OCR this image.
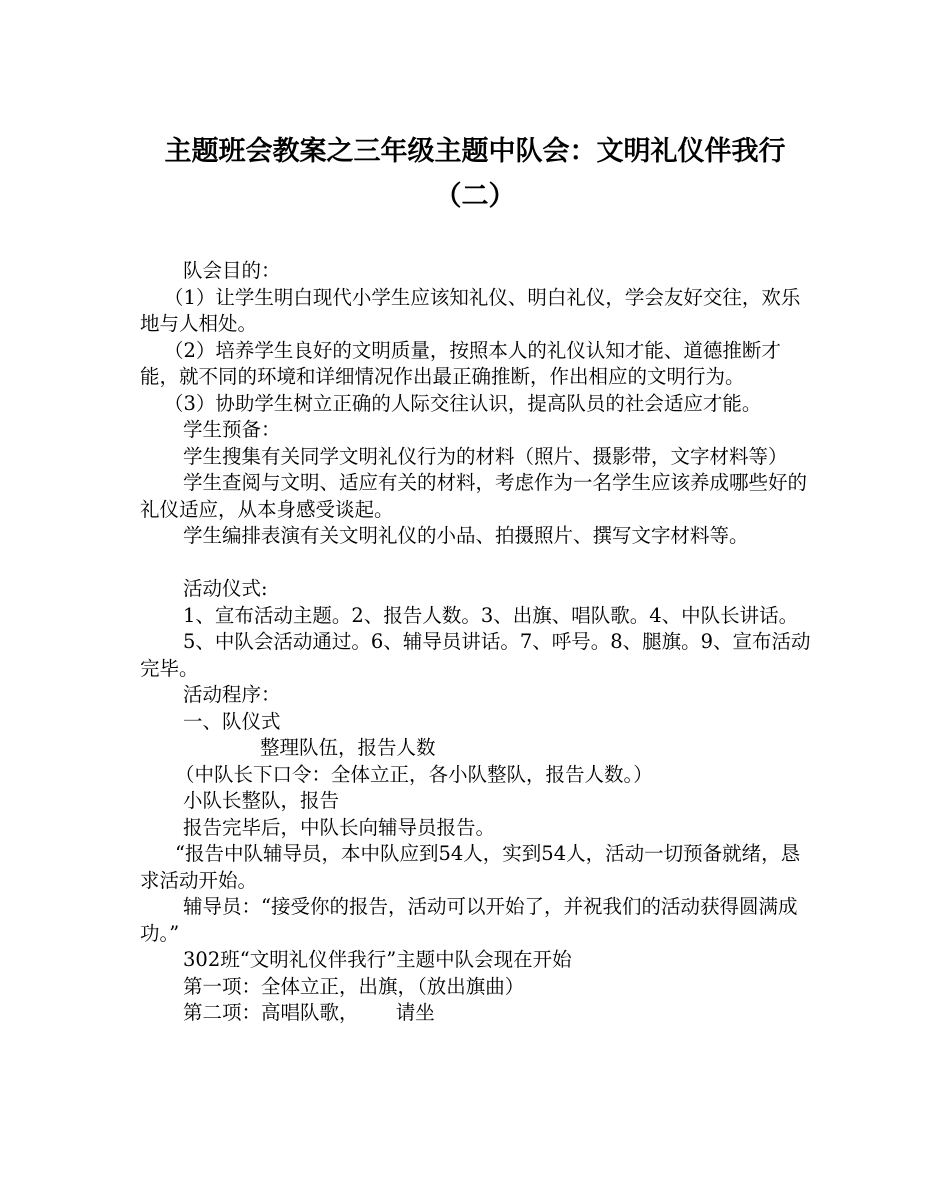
主题班会教案之三年级主题中队会：文明礼仪伴我行
（二）

队会目的：

（1）让学生明白现代小学生应该知礼仪、明白礼仪，学会友好交往，欢乐地与人相处。

（2）培养学生良好的文明质量，按照本人的礼仪认知才能、道德推断才能，就不同的环境和详细情况作出最正确推断，作出相应的文明行为。

（3）协助学生树立正确的人际交往认识，提高队员的社会适应才能。

学生预备：

学生搜集有关同学文明礼仪行为的材料（照片、摄影带，文字材料等）

学生查阅与文明、适应有关的材料，考虑作为一名学生应该养成哪些好的礼仪适应，从本身感受谈起。

学生编排表演有关文明礼仪的小品、拍摄照片、撰写文字材料等。

活动仪式:

1、宣布活动主题。2、报告人数。3、出旗、唱队歌。4、中队长讲话。

5、中队会活动通过。6、辅导员讲话。7、呼号。8、腿旗。9、宣布活动完毕。

活动程序：

一、队仪式

整理队伍，报告人数

（中队长下口令：全体立正，各小队整队，报告人数。）

小队长整队，报告

报告完毕后，中队长向辅导员报告。

“报告中队辅导员，本中队应到54人，实到54人，活动一切预备就绪，恳求活动开始。

辅导员：“接受你的报告，活动可以开始了，并祝我们的活动获得圆满成功。”

302班“文明礼仪伴我行”主题中队会现在开始

第一项：全体立正，出旗，（放出旗曲）

第二项：高唱队歌，      请坐
